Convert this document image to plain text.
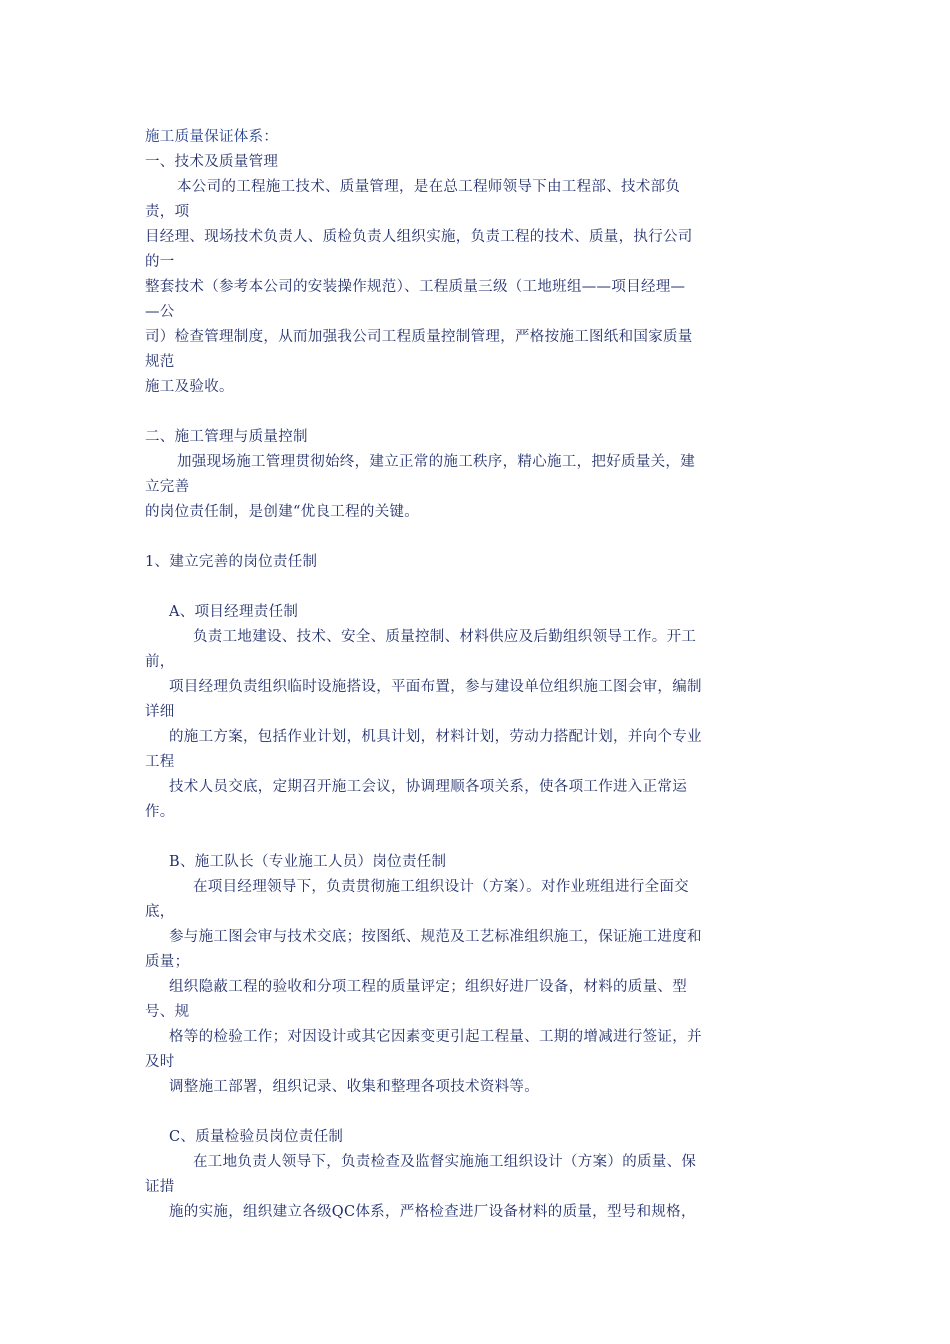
施工质量保证体系：
一、技术及质量管理
本公司的工程施工技术、质量管理，是在总工程师领导下由工程部、技术部负
责，项
目经理、现场技术负责人、质检负责人组织实施，负责工程的技术、质量，执行公司
的一
整套技术（参考本公司的安装操作规范）、工程质量三级（工地班组——项目经理—
—公
司）检查管理制度，从而加强我公司工程质量控制管理，严格按施工图纸和国家质量
规范
施工及验收。
二、施工管理与质量控制
加强现场施工管理贯彻始终，建立正常的施工秩序，精心施工，把好质量关，建
立完善
的岗位责任制，是创建“优良工程的关键。
1、建立完善的岗位责任制
A、项目经理责任制
负责工地建设、技术、安全、质量控制、材料供应及后勤组织领导工作。开工
前，
项目经理负责组织临时设施搭设，平面布置，参与建设单位组织施工图会审，编制
详细
的施工方案，包括作业计划，机具计划，材料计划，劳动力搭配计划，并向个专业
工程
技术人员交底，定期召开施工会议，协调理顺各项关系，使各项工作进入正常运
作。
B、施工队长（专业施工人员）岗位责任制
在项目经理领导下，负责贯彻施工组织设计（方案）。对作业班组进行全面交
底，
参与施工图会审与技术交底；按图纸、规范及工艺标准组织施工，保证施工进度和
质量；
组织隐蔽工程的验收和分项工程的质量评定；组织好进厂设备，材料的质量、型
号、规
格等的检验工作；对因设计或其它因素变更引起工程量、工期的增减进行签证，并
及时
调整施工部署，组织记录、收集和整理各项技术资料等。
C、质量检验员岗位责任制
在工地负责人领导下，负责检查及监督实施施工组织设计（方案）的质量、保
证措
施的实施，组织建立各级QC体系，严格检查进厂设备材料的质量，型号和规格，
